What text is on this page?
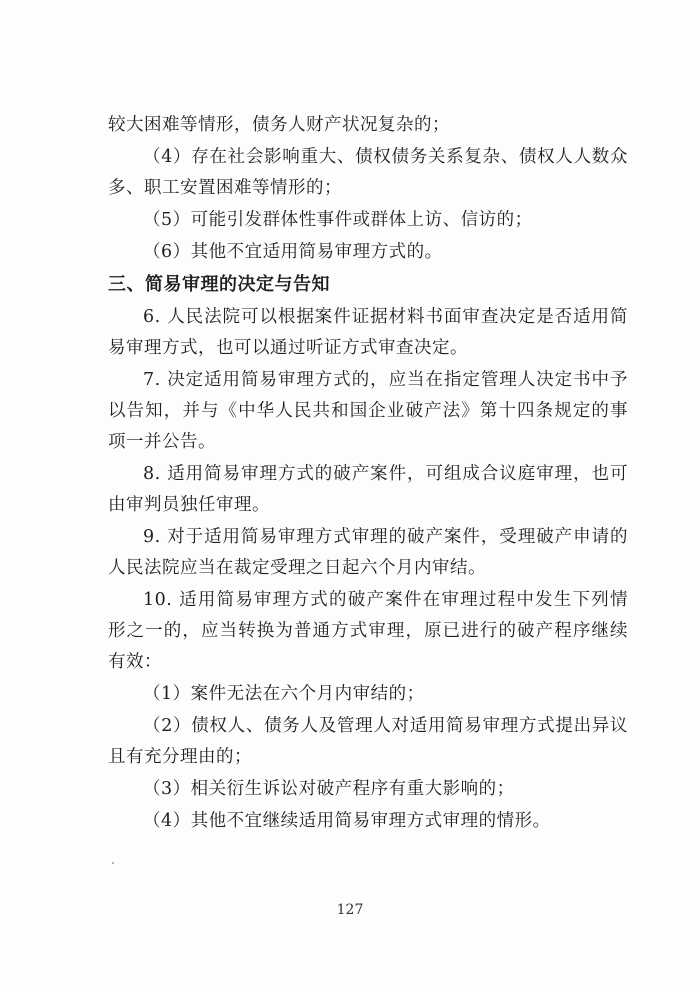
较大困难等情形，债务人财产状况复杂的；

（4）存在社会影响重大、债权债务关系复杂、债权人人数众多、职工安置困难等情形的；

（5）可能引发群体性事件或群体上访、信访的；

（6）其他不宜适用简易审理方式的。

三、简易审理的决定与告知

6. 人民法院可以根据案件证据材料书面审查决定是否适用简易审理方式，也可以通过听证方式审查决定。

7. 决定适用简易审理方式的，应当在指定管理人决定书中予以告知，并与《中华人民共和国企业破产法》第十四条规定的事项一并公告。

8. 适用简易审理方式的破产案件，可组成合议庭审理，也可由审判员独任审理。

9. 对于适用简易审理方式审理的破产案件，受理破产申请的人民法院应当在裁定受理之日起六个月内审结。

10. 适用简易审理方式的破产案件在审理过程中发生下列情形之一的，应当转换为普通方式审理，原已进行的破产程序继续有效：

（1）案件无法在六个月内审结的；

（2）债权人、债务人及管理人对适用简易审理方式提出异议且有充分理由的；

（3）相关衍生诉讼对破产程序有重大影响的；

（4）其他不宜继续适用简易审理方式审理的情形。

127
